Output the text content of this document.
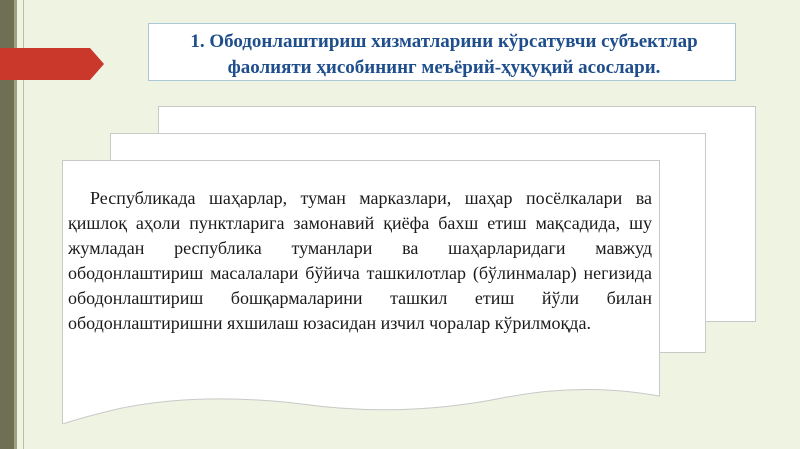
1. Ободонлаштириш хизматларини кўрсатувчи субъектлар фаолияти ҳисобининг меъёрий-ҳуқуқий асослари.

Республикада шаҳарлар, туман марказлари, шаҳар посёлкалари ва қишлоқ аҳоли пунктларига замонавий қиёфа бахш етиш мақсадида, шу жумладан республика туманлари ва шаҳарларидаги мавжуд ободонлаштириш масалалари бўйича ташкилотлар (бўлинмалар) негизида ободонлаштириш бошқармаларини ташкил етиш йўли билан ободонлаштиришни яхшилаш юзасидан изчил чоралар кўрилмоқда.
